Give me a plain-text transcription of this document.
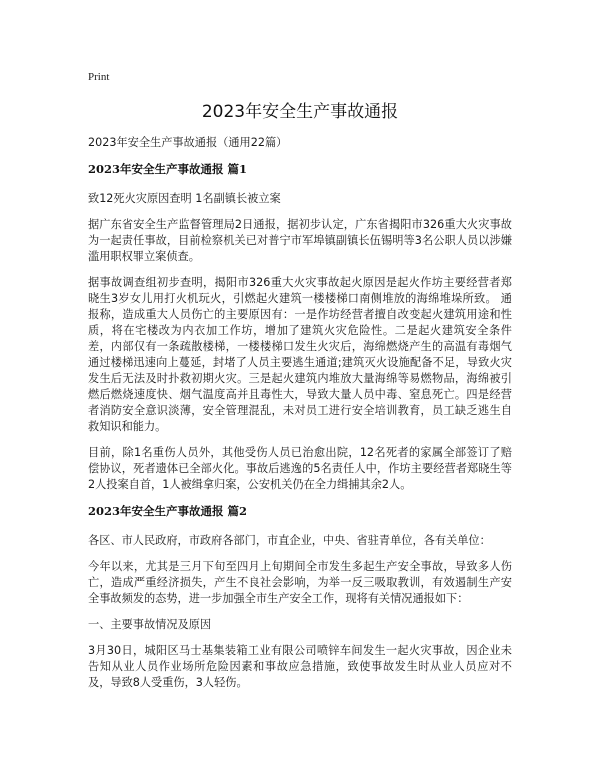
Print
2023年安全生产事故通报

2023年安全生产事故通报（通用22篇）

2023年安全生产事故通报 篇1

致12死火灾原因查明 1名副镇长被立案

据广东省安全生产监督管理局2日通报，据初步认定，广东省揭阳市326重大火灾事故为一起责任事故，目前检察机关已对普宁市军埠镇副镇长伍锡明等3名公职人员以涉嫌滥用职权罪立案侦查。

据事故调查组初步查明，揭阳市326重大火灾事故起火原因是起火作坊主要经营者郑晓生3岁女儿用打火机玩火，引燃起火建筑一楼楼梯口南侧堆放的海绵堆垛所致。 通报称，造成重大人员伤亡的主要原因有：一是作坊经营者擅自改变起火建筑用途和性质，将在宅楼改为内衣加工作坊，增加了建筑火灾危险性。二是起火建筑安全条件差，内部仅有一条疏散楼梯，一楼楼梯口发生火灾后，海绵燃烧产生的高温有毒烟气通过楼梯迅速向上蔓延，封堵了人员主要逃生通道;建筑灭火设施配备不足，导致火灾发生后无法及时扑救初期火灾。三是起火建筑内堆放大量海绵等易燃物品，海绵被引燃后燃烧速度快、烟气温度高并且毒性大，导致大量人员中毒、窒息死亡。四是经营者消防安全意识淡薄，安全管理混乱，未对员工进行安全培训教育，员工缺乏逃生自救知识和能力。

目前，除1名重伤人员外，其他受伤人员已治愈出院，12名死者的家属全部签订了赔偿协议，死者遗体已全部火化。事故后逃逸的5名责任人中，作坊主要经营者郑晓生等2人投案自首，1人被缉拿归案，公安机关仍在全力缉捕其余2人。

2023年安全生产事故通报 篇2

各区、市人民政府，市政府各部门，市直企业，中央、省驻青单位，各有关单位：

今年以来，尤其是三月下旬至四月上旬期间全市发生多起生产安全事故，导致多人伤亡，造成严重经济损失，产生不良社会影响，为举一反三吸取教训，有效遏制生产安全事故频发的态势，进一步加强全市生产安全工作，现将有关情况通报如下：

一、主要事故情况及原因

3月30日，城阳区马士基集装箱工业有限公司喷锌车间发生一起火灾事故，因企业未告知从业人员作业场所危险因素和事故应急措施，致使事故发生时从业人员应对不及，导致8人受重伤，3人轻伤。
